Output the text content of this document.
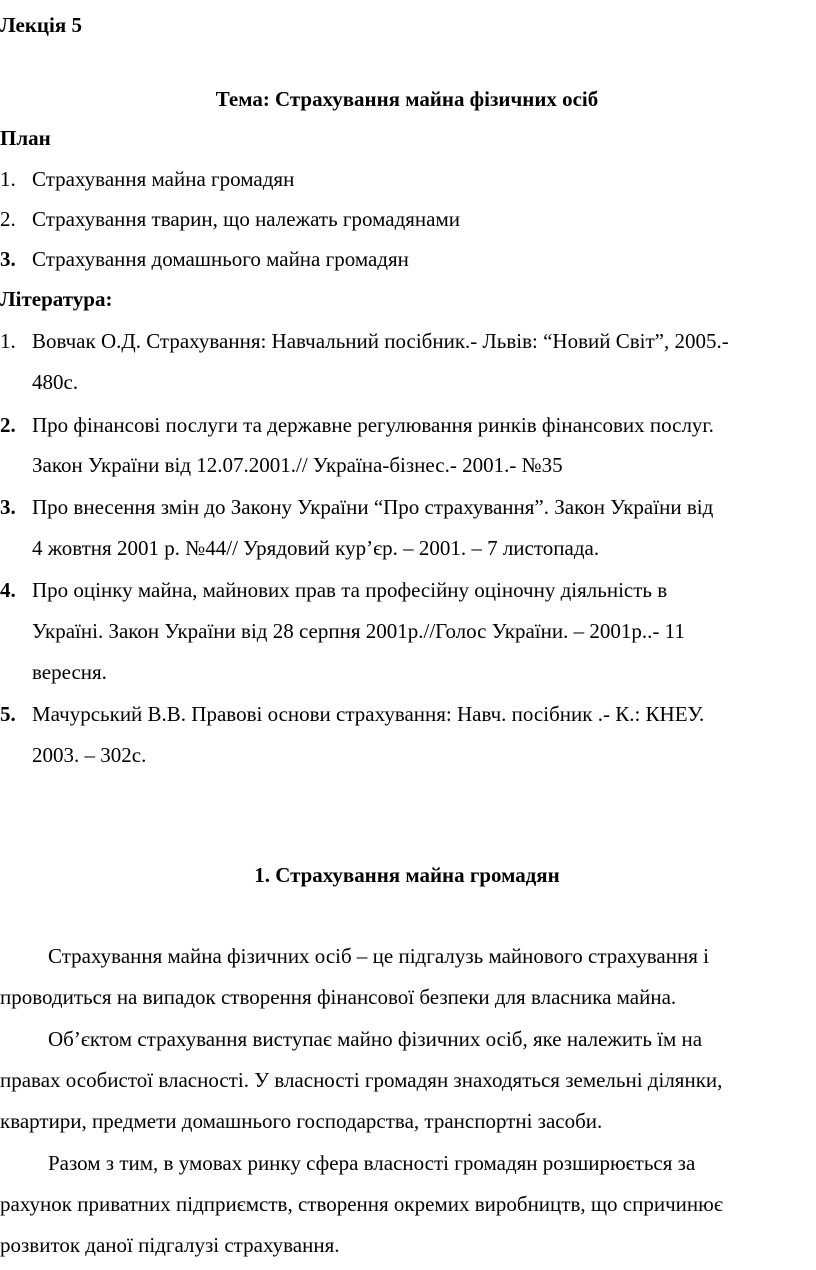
Лекція 5
Тема: Страхування майна фізичних осіб
План
1. Страхування майна громадян
2. Страхування тварин, що належать громадянами
3. Страхування домашнього майна громадян
Література:
1. Вовчак О.Д. Страхування: Навчальний посібник.- Львів: “Новий Світ”, 2005.-
480с.
2. Про фінансові послуги та державне регулювання ринків фінансових послуг.
Закон України від 12.07.2001.// Україна-бізнес.- 2001.- №35
3. Про внесення змін до Закону України “Про страхування”. Закон України від
4 жовтня 2001 р. №44// Урядовий кур’єр. – 2001. – 7 листопада.
4. Про оцінку майна, майнових прав та професійну оціночну діяльність в
Україні. Закон України від 28 серпня 2001р.//Голос України. – 2001р..- 11
вересня.
5. Мачурський В.В. Правові основи страхування: Навч. посібник .- К.: КНЕУ.
2003. – 302с.
1. Страхування майна громадян
Страхування майна фізичних осіб – це підгалузь майнового страхування і
проводиться на випадок створення фінансової безпеки для власника майна.
Об’єктом страхування виступає майно фізичних осіб, яке належить їм на
правах особистої власності. У власності громадян знаходяться земельні ділянки,
квартири, предмети домашнього господарства, транспортні засоби.
Разом з тим, в умовах ринку сфера власності громадян розширюється за
рахунок приватних підприємств, створення окремих виробництв, що спричинює
розвиток даної підгалузі страхування.
